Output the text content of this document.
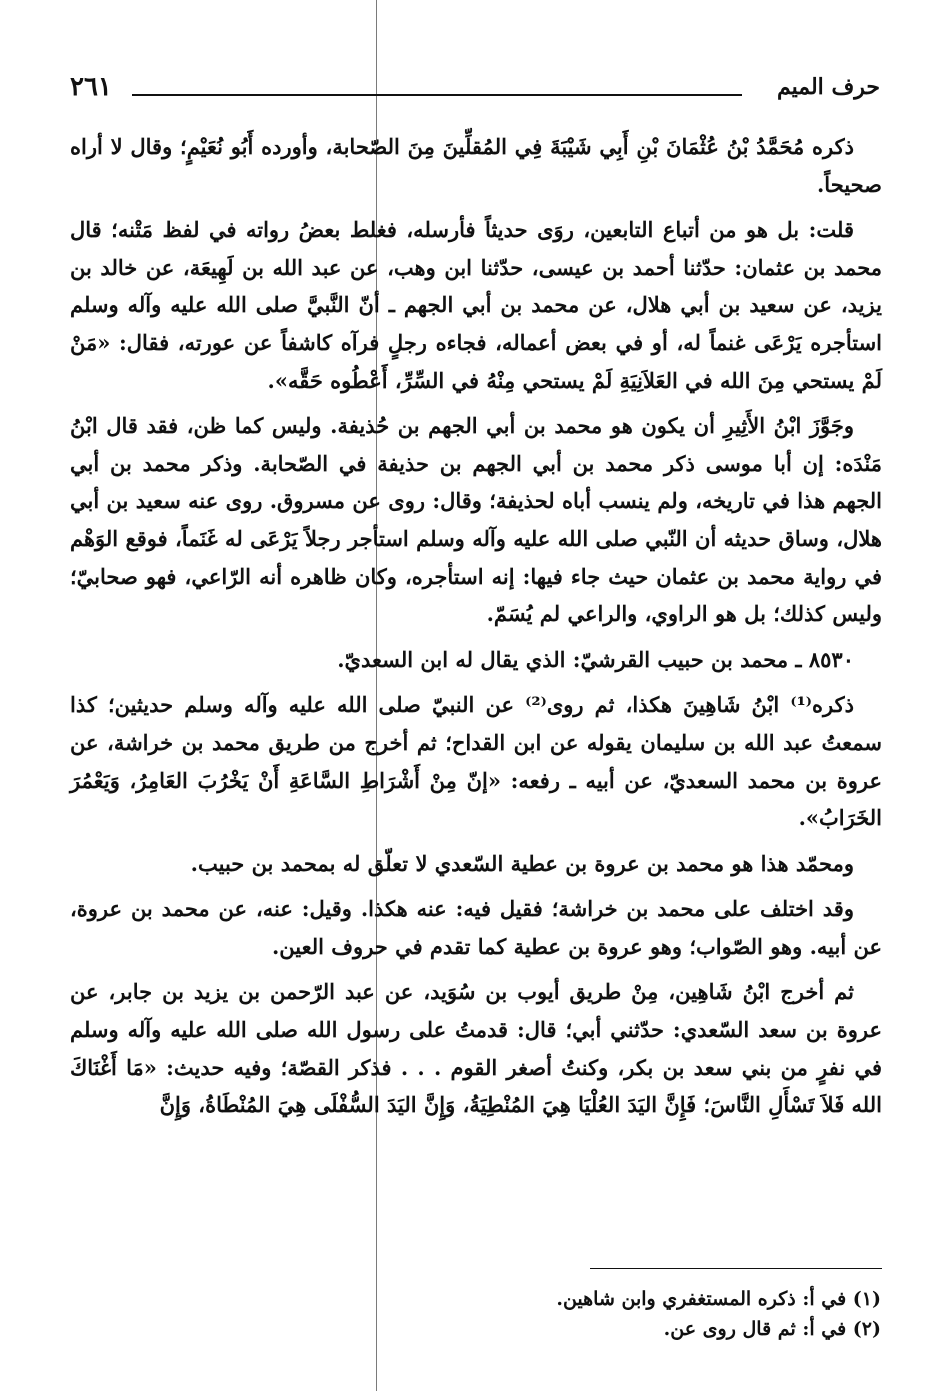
٢٦١	حرف الميم

ذكره مُحَمَّدُ بْنُ عُثْمَانَ بْنِ أَبِي شَيْبَةَ فِي المُقلِّينَ مِنَ الصّحابة، وأورده أَبُو نُعَيْمٍ؛ وقال لا أراه صحيحاً.

قلت: بل هو من أتباع التابعين، روَى حديثاً فأرسله، فغلط بعضُ رواته في لفظ مَتْنه؛ قال محمد بن عثمان: حدّثنا أحمد بن عيسى، حدّثنا ابن وهب، عن عبد الله بن لَهِيعَة، عن خالد بن يزيد، عن سعيد بن أبي هلال، عن محمد بن أبي الجهم ـ أنّ النَّبيَّ صلى الله عليه وآله وسلم استأجره يَرْعَى غنماً له، أو في بعض أعماله، فجاءه رجلٍ فرآه كاشفاً عن عورته، فقال: «مَنْ لَمْ يستحي مِنَ الله في العَلاَنِيَةِ لَمْ يستحي مِنْهُ في السِّرِّ، أَعْطُوه حَقَّه».

وجَوَّزَ ابْنُ الأَثِيرِ أن يكون هو محمد بن أبي الجهم بن حُذيفة. وليس كما ظن، فقد قال ابْنُ مَنْدَه: إن أبا موسى ذكر محمد بن أبي الجهم بن حذيفة في الصّحابة. وذكر محمد بن أبي الجهم هذا في تاريخه، ولم ينسب أباه لحذيفة؛ وقال: روى عن مسروق. روى عنه سعيد بن أبي هلال، وساق حديثه أن النّبي صلى الله عليه وآله وسلم استأجر رجلاً يَرْعَى له غَنَماً، فوقع الوَهْم في رواية محمد بن عثمان حيث جاء فيها: إنه استأجره، وكان ظاهره أنه الرّاعي، فهو صحابيّ؛ وليس كذلك؛ بل هو الراوي، والراعي لم يُسَمّ.

٨٥٣٠ ـ محمد بن حبيب القرشيّ: الذي يقال له ابن السعديّ.

ذكره⁽¹⁾ ابْنُ شَاهِينَ هكذا، ثم روى⁽²⁾ عن النبيّ صلى الله عليه وآله وسلم حديثين؛ كذا سمعتُ عبد الله بن سليمان يقوله عن ابن القداح؛ ثم أخرج من طريق محمد بن خراشة، عن عروة بن محمد السعديّ، عن أبيه ـ رفعه: «إنّ مِنْ أَشْرَاطِ السَّاعَةِ أَنْ يَخْرُبَ العَامِرُ، وَيَعْمُرَ الخَرَابُ».

ومحمّد هذا هو محمد بن عروة بن عطية السّعدي لا تعلّق له بمحمد بن حبيب.

وقد اختلف على محمد بن خراشة؛ فقيل فيه: عنه هكذا. وقيل: عنه، عن محمد بن عروة، عن أبيه. وهو الصّواب؛ وهو عروة بن عطية كما تقدم في حروف العين.

ثم أخرج ابْنُ شَاهِين، مِنْ طريق أيوب بن سُوَيد، عن عبد الرّحمن بن يزيد بن جابر، عن عروة بن سعد السّعدي: حدّثني أبي؛ قال: قدمتُ على رسول الله صلى الله عليه وآله وسلم في نفرٍ من بني سعد بن بكر، وكنتُ أصغر القوم . . . فذكر القصّة؛ وفيه حديث: «مَا أَغْنَاكَ الله فَلاَ تَسْأَلِ النَّاسَ؛ فَإِنَّ اليَدَ العُلْيَا هِيَ المُنْطِيَةُ، وَإِنَّ اليَدَ السُّفْلَى هِيَ المُنْطَاةُ، وَإِنَّ

(١) في أ: ذكره المستغفري وابن شاهين.

(٢) في أ: ثم قال روى عن.
